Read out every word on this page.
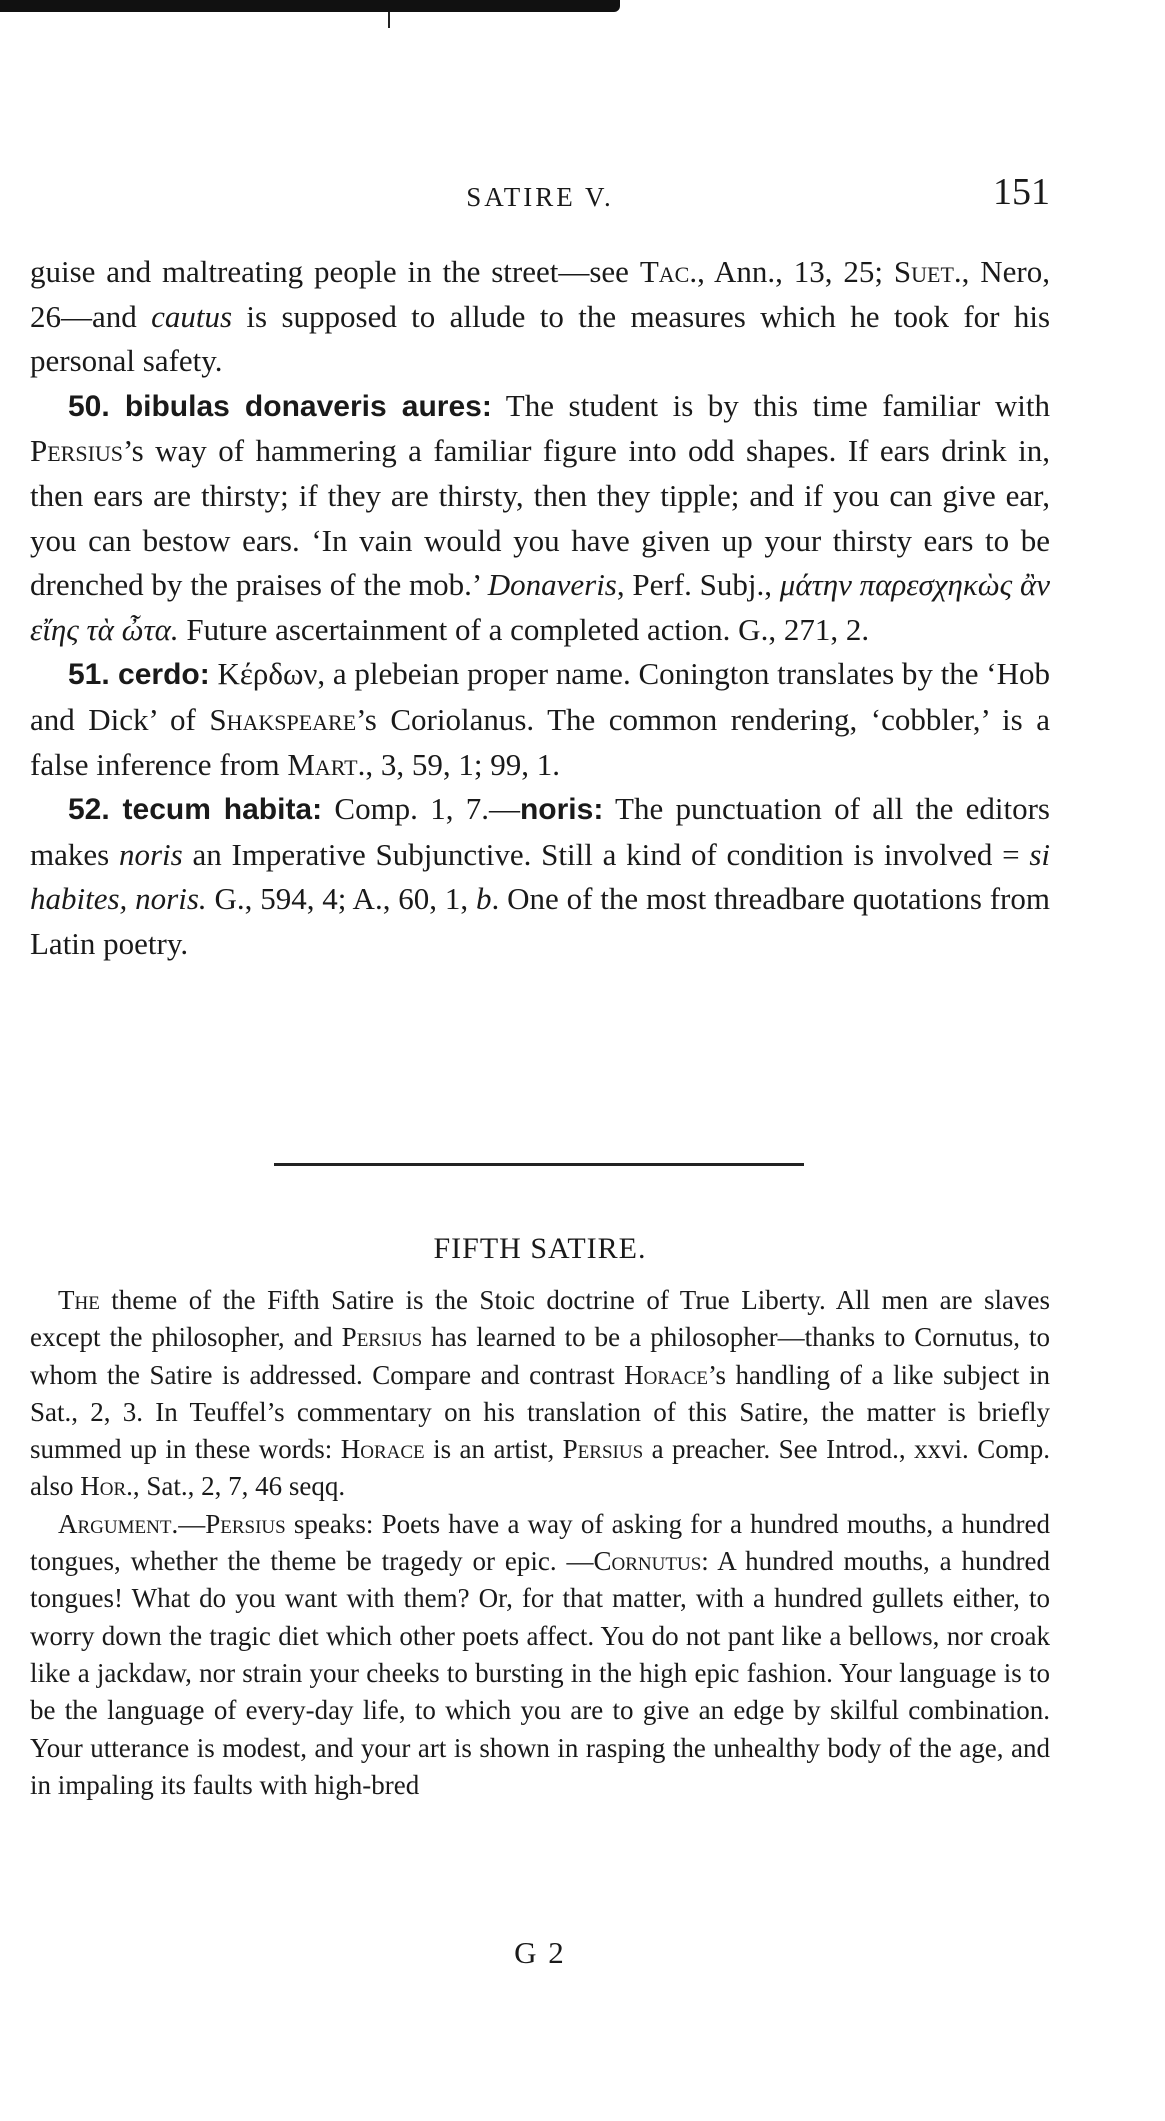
SATIRE V.	151

guise and maltreating people in the street—see Tac., Ann., 13, 25; Suet., Nero, 26—and cautus is supposed to allude to the measures which he took for his personal safety.

50. bibulas donaveris aures: The student is by this time familiar with Persius’s way of hammering a familiar figure into odd shapes. If ears drink in, then ears are thirsty; if they are thirsty, then they tipple; and if you can give ear, you can bestow ears. ‘In vain would you have given up your thirsty ears to be drenched by the praises of the mob.’ Donaveris, Perf. Subj., μάτην παρεσχηκὼς ἂν εἴης τὰ ὦτα. Future ascertainment of a completed action. G., 271, 2.

51. cerdo: Κέρδων, a plebeian proper name. Conington translates by the ‘Hob and Dick’ of Shakspeare’s Coriolanus. The common rendering, ‘cobbler,’ is a false inference from Mart., 3, 59, 1; 99, 1.

52. tecum habita: Comp. 1, 7.—noris: The punctuation of all the editors makes noris an Imperative Subjunctive. Still a kind of condition is involved = si habites, noris. G., 594, 4; A., 60, 1, b. One of the most threadbare quotations from Latin poetry.

FIFTH SATIRE.

The theme of the Fifth Satire is the Stoic doctrine of True Liberty. All men are slaves except the philosopher, and Persius has learned to be a philosopher—thanks to Cornutus, to whom the Satire is addressed. Compare and contrast Horace’s handling of a like subject in Sat., 2, 3. In Teuffel’s commentary on his translation of this Satire, the matter is briefly summed up in these words: Horace is an artist, Persius a preacher. See Introd., xxvi. Comp. also Hor., Sat., 2, 7, 46 seqq.

Argument.—Persius speaks: Poets have a way of asking for a hundred mouths, a hundred tongues, whether the theme be tragedy or epic. —Cornutus: A hundred mouths, a hundred tongues! What do you want with them? Or, for that matter, with a hundred gullets either, to worry down the tragic diet which other poets affect. You do not pant like a bellows, nor croak like a jackdaw, nor strain your cheeks to bursting in the high epic fashion. Your language is to be the language of every-day life, to which you are to give an edge by skilful combination. Your utterance is modest, and your art is shown in rasping the unhealthy body of the age, and in impaling its faults with high-bred

G 2
